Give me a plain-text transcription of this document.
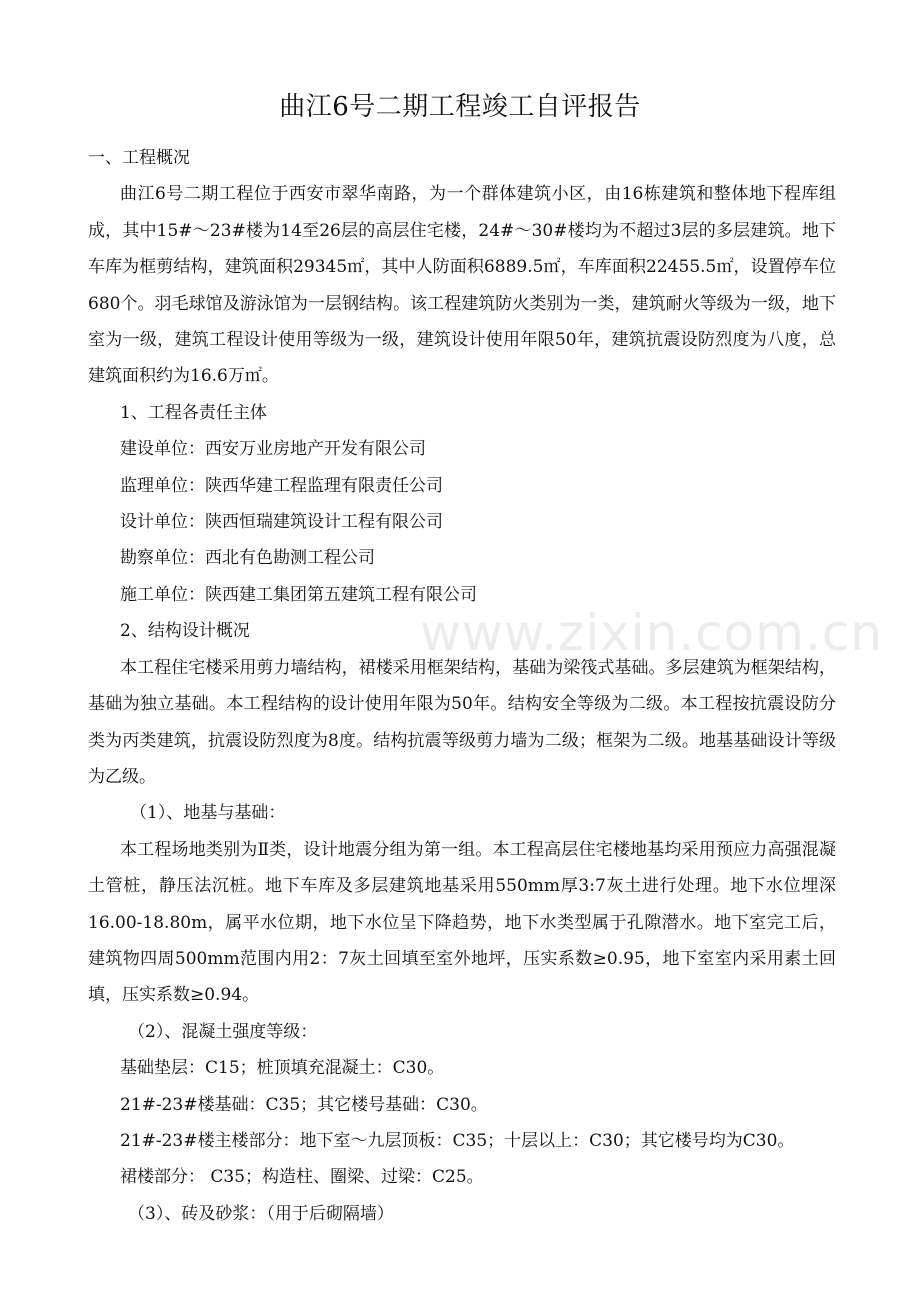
www.zixin.com.cn
曲江6号二期工程竣工自评报告

一、工程概况

曲江6号二期工程位于西安市翠华南路，为一个群体建筑小区，由16栋建筑和整体地下程库组成，其中15#～23#楼为14至26层的高层住宅楼，24#～30#楼均为不超过3层的多层建筑。地下车库为框剪结构，建筑面积29345㎡，其中人防面积6889.5㎡，车库面积22455.5㎡，设置停车位680个。羽毛球馆及游泳馆为一层钢结构。该工程建筑防火类别为一类，建筑耐火等级为一级，地下室为一级，建筑工程设计使用等级为一级，建筑设计使用年限50年，建筑抗震设防烈度为八度，总建筑面积约为16.6万㎡。

1、工程各责任主体

建设单位：西安万业房地产开发有限公司

监理单位：陕西华建工程监理有限责任公司

设计单位：陕西恒瑞建筑设计工程有限公司

勘察单位：西北有色勘测工程公司

施工单位：陕西建工集团第五建筑工程有限公司

2、结构设计概况

本工程住宅楼采用剪力墙结构，裙楼采用框架结构，基础为梁筏式基础。多层建筑为框架结构，基础为独立基础。本工程结构的设计使用年限为50年。结构安全等级为二级。本工程按抗震设防分类为丙类建筑，抗震设防烈度为8度。结构抗震等级剪力墙为二级；框架为二级。地基基础设计等级为乙级。

（1）、地基与基础：

本工程场地类别为Ⅱ类，设计地震分组为第一组。本工程高层住宅楼地基均采用预应力高强混凝土管桩，静压法沉桩。地下车库及多层建筑地基采用550mm厚3:7灰土进行处理。地下水位埋深16.00-18.80m，属平水位期，地下水位呈下降趋势，地下水类型属于孔隙潜水。地下室完工后，建筑物四周500mm范围内用2：7灰土回填至室外地坪，压实系数≥0.95，地下室室内采用素土回填，压实系数≥0.94。

（2）、混凝土强度等级：

基础垫层：C15；桩顶填充混凝土：C30。

21#-23#楼基础：C35；其它楼号基础：C30。

21#-23#楼主楼部分：地下室～九层顶板：C35；十层以上：C30；其它楼号均为C30。

裙楼部分： C35；构造柱、圈梁、过梁：C25。

（3）、砖及砂浆：（用于后砌隔墙）
